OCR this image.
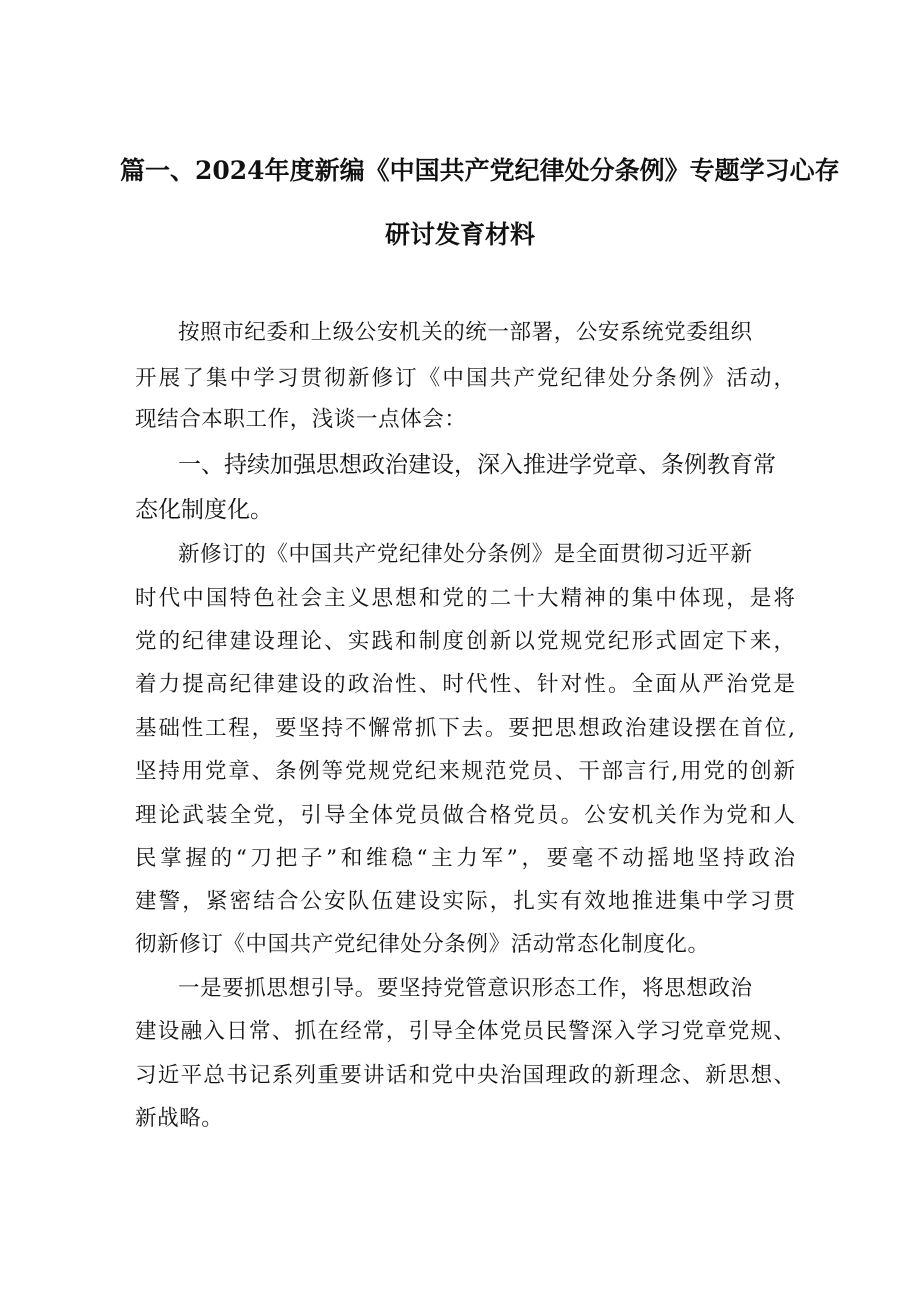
篇一、2024年度新编《中国共产党纪律处分条例》专题学习心存
研讨发育材料
按照市纪委和上级公安机关的统一部署，公安系统党委组织
开展了集中学习贯彻新修订《中国共产党纪律处分条例》活动，
现结合本职工作，浅谈一点体会：
一、持续加强思想政治建设，深入推进学党章、条例教育常
态化制度化。
新修订的《中国共产党纪律处分条例》是全面贯彻习近平新
时代中国特色社会主义思想和党的二十大精神的集中体现，是将
党的纪律建设理论、实践和制度创新以党规党纪形式固定下来，
着力提高纪律建设的政治性、时代性、针对性。全面从严治党是
基础性工程，要坚持不懈常抓下去。要把思想政治建设摆在首位,
坚持用党章、条例等党规党纪来规范党员、干部言行,用党的创新
理论武装全党，引导全体党员做合格党员。公安机关作为党和人
民掌握的“刀把子”和维稳“主力军”，要毫不动摇地坚持政治
建警，紧密结合公安队伍建设实际，扎实有效地推进集中学习贯
彻新修订《中国共产党纪律处分条例》活动常态化制度化。
一是要抓思想引导。要坚持党管意识形态工作，将思想政治
建设融入日常、抓在经常，引导全体党员民警深入学习党章党规、
习近平总书记系列重要讲话和党中央治国理政的新理念、新思想、
新战略。
